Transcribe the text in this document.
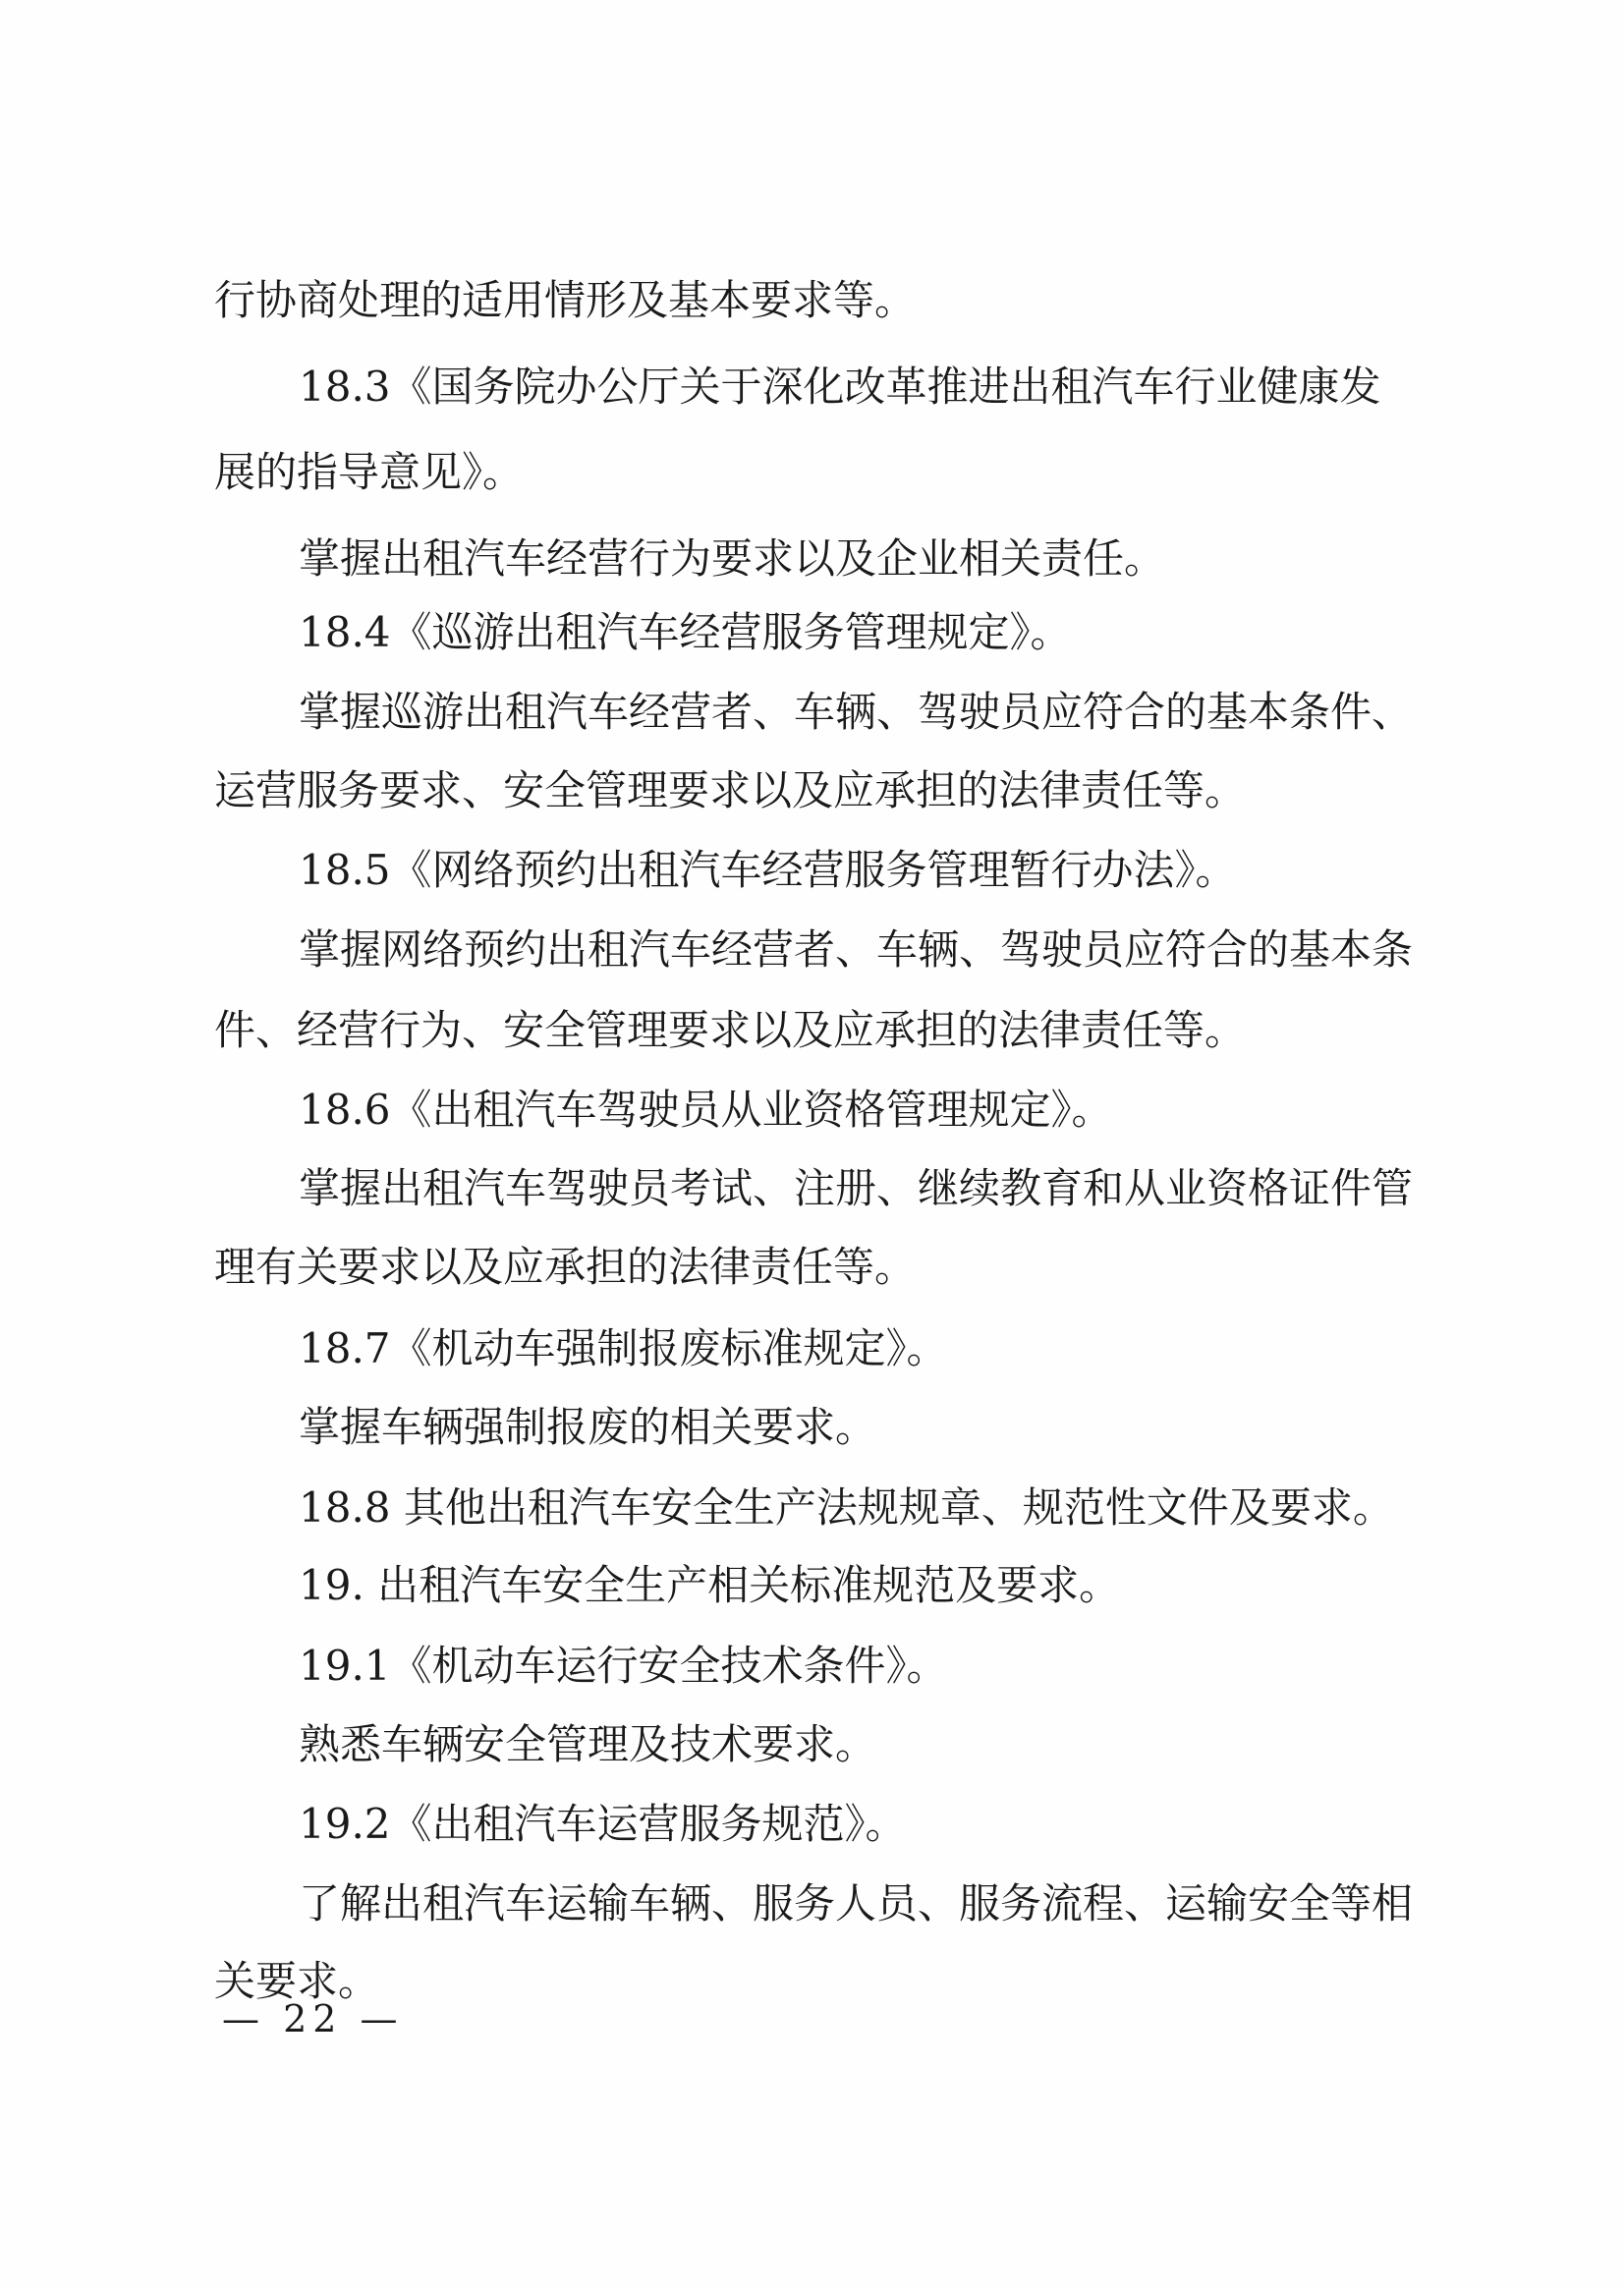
行协商处理的适用情形及基本要求等。
18.3《国务院办公厅关于深化改革推进出租汽车行业健康发
展的指导意见》。
掌握出租汽车经营行为要求以及企业相关责任。
18.4《巡游出租汽车经营服务管理规定》。
掌握巡游出租汽车经营者、车辆、驾驶员应符合的基本条件、
运营服务要求、安全管理要求以及应承担的法律责任等。
18.5《网络预约出租汽车经营服务管理暂行办法》。
掌握网络预约出租汽车经营者、车辆、驾驶员应符合的基本条
件、经营行为、安全管理要求以及应承担的法律责任等。
18.6《出租汽车驾驶员从业资格管理规定》。
掌握出租汽车驾驶员考试、注册、继续教育和从业资格证件管
理有关要求以及应承担的法律责任等。
18.7《机动车强制报废标准规定》。
掌握车辆强制报废的相关要求。
18.8 其他出租汽车安全生产法规规章、规范性文件及要求。
19. 出租汽车安全生产相关标准规范及要求。
19.1《机动车运行安全技术条件》。
熟悉车辆安全管理及技术要求。
19.2《出租汽车运营服务规范》。
了解出租汽车运输车辆、服务人员、服务流程、运输安全等相
关要求。
— 22 —
